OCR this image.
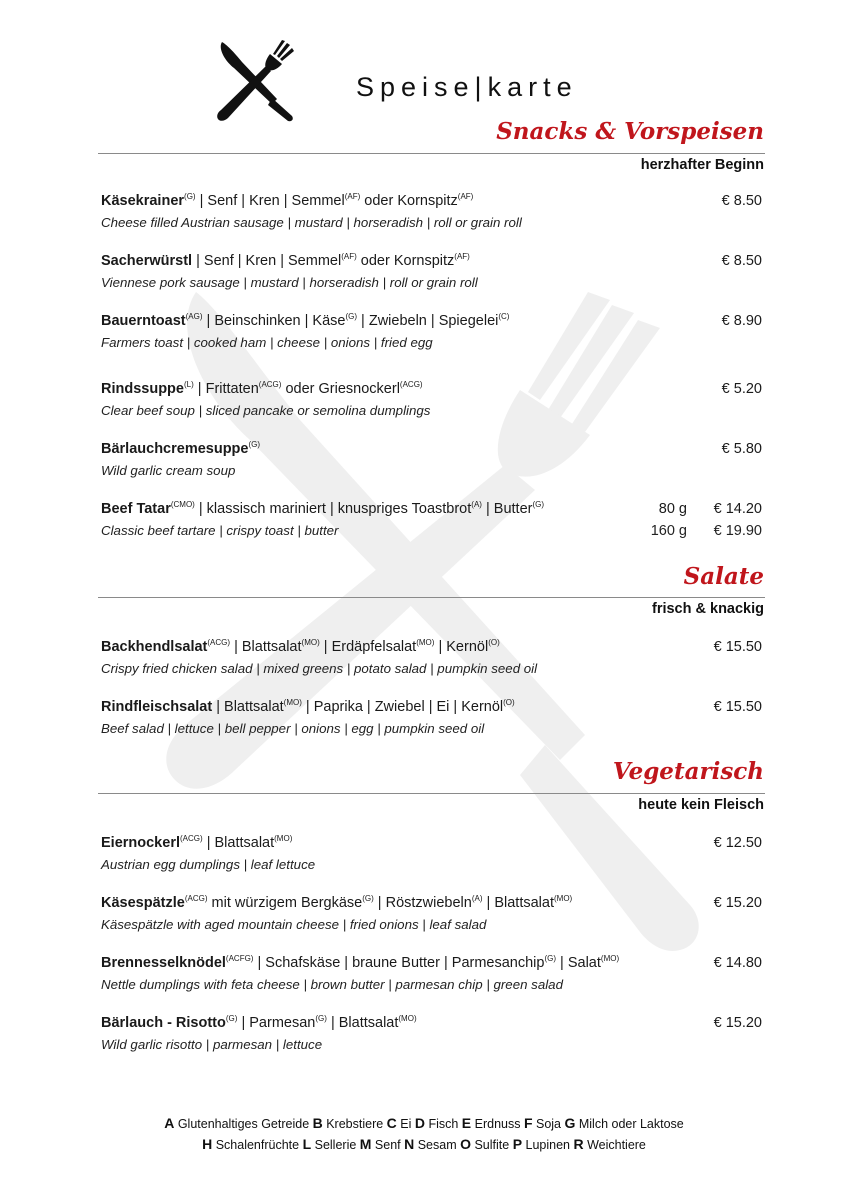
Speise|karte
Snacks & Vorspeisen
herzhafter Beginn
Käsekrainer$^{(G)}$ | Senf | Kren | Semmel$^{(AF)}$ oder Kornspitz$^{(AF)}$	€ 8.50
Cheese filled Austrian sausage | mustard | horseradish | roll or grain roll
Sacherwürstl | Senf | Kren | Semmel$^{(AF)}$ oder Kornspitz$^{(AF)}$	€ 8.50
Viennese pork sausage | mustard | horseradish | roll or grain roll
Bauerntoast$^{(AG)}$ | Beinschinken | Käse$^{(G)}$ | Zwiebeln | Spiegelei$^{(C)}$	€ 8.90
Farmers toast | cooked ham | cheese | onions | fried egg
Rindssuppe$^{(L)}$ | Frittaten$^{(ACG)}$ oder Griesnockerl$^{(ACG)}$	€ 5.20
Clear beef soup | sliced pancake or semolina dumplings
Bärlauchcremesuppe$^{(G)}$	€ 5.80
Wild garlic cream soup
Beef Tatar$^{(CMO)}$ | klassisch mariniert | knuspriges Toastbrot$^{(A)}$ | Butter$^{(G)}$	80 g € 14.20
Classic beef tartare | crispy toast | butter	160 g € 19.90
Salate
frisch & knackig
Backhendlsalat$^{(ACG)}$ | Blattsalat$^{(MO)}$ | Erdäpfelsalat$^{(MO)}$ | Kernöl$^{(O)}$	€ 15.50
Crispy fried chicken salad | mixed greens | potato salad | pumpkin seed oil
Rindfleischsalat | Blattsalat$^{(MO)}$ | Paprika | Zwiebel | Ei | Kernöl$^{(O)}$	€ 15.50
Beef salad | lettuce | bell pepper | onions | egg | pumpkin seed oil
Vegetarisch
heute kein Fleisch
Eiernockerl$^{(ACG)}$ | Blattsalat$^{(MO)}$	€ 12.50
Austrian egg dumplings | leaf lettuce
Käsespätzle$^{(ACG)}$ mit würzigem Bergkäse$^{(G)}$ | Röstzwiebeln$^{(A)}$ | Blattsalat$^{(MO)}$	€ 15.20
Käsespätzle with aged mountain cheese | fried onions | leaf salad
Brennesselknödel$^{(ACFG)}$ | Schafskäse | braune Butter | Parmesanchip$^{(G)}$ | Salat$^{(MO)}$	€ 14.80
Nettle dumplings with feta cheese | brown butter | parmesan chip | green salad
Bärlauch - Risotto$^{(G)}$ | Parmesan$^{(G)}$ | Blattsalat$^{(MO)}$	€ 15.20
Wild garlic risotto | parmesan | lettuce
A Glutenhaltiges Getreide B Krebstiere C Ei D Fisch E Erdnuss F Soja G Milch oder Laktose
H Schalenfrüchte L Sellerie M Senf N Sesam O Sulfite P Lupinen R Weichtiere
